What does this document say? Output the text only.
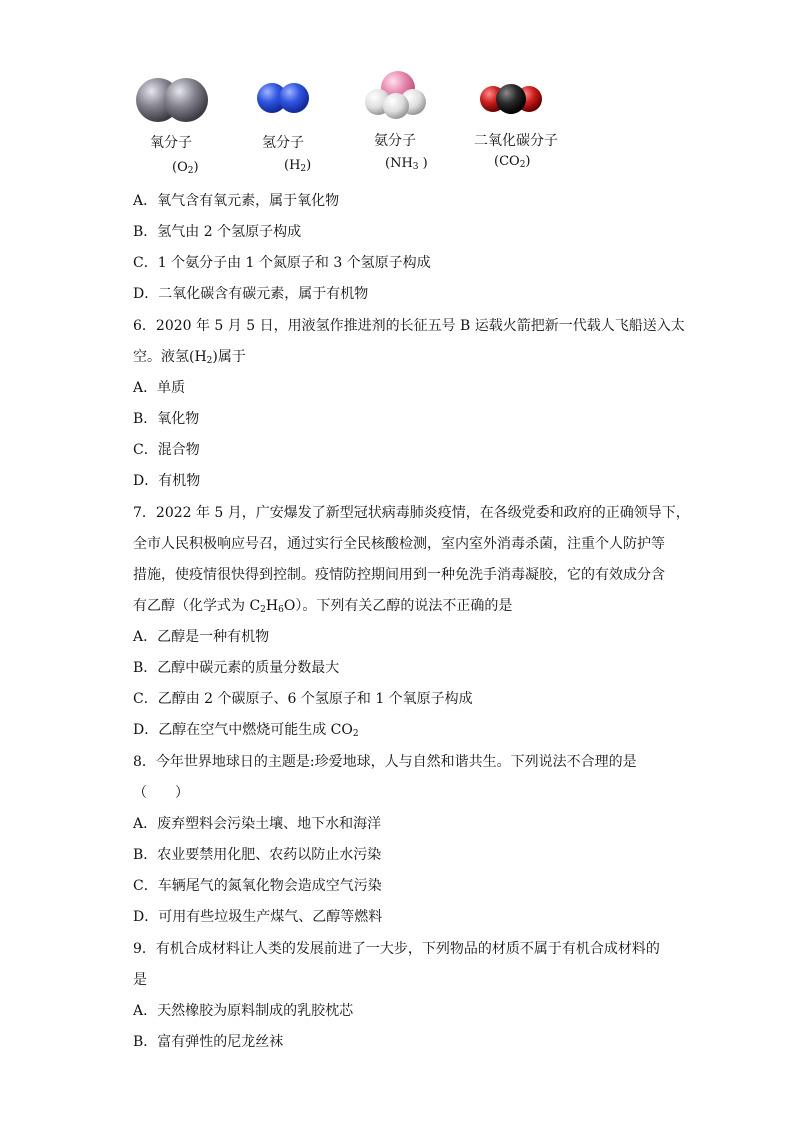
氧分子
$(O_2)$
氢分子
$(H_2)$
氨分子
($NH_3$ )
二氧化碳分子
$(CO_2)$
A．氧气含有氧元素，属于氧化物
B．氢气由 2 个氢原子构成
C．1 个氨分子由 1 个氮原子和 3 个氢原子构成
D．二氧化碳含有碳元素，属于有机物
6．2020 年 5 月 5 日，用液氢作推进剂的长征五号 B 运载火箭把新一代载人飞船送入太
空。液氢$(H_2)$属于
A．单质
B．氧化物
C．混合物
D．有机物
7．2022 年 5 月，广安爆发了新型冠状病毒肺炎疫情，在各级党委和政府的正确领导下，
全市人民积极响应号召，通过实行全民核酸检测，室内室外消毒杀菌，注重个人防护等
措施，使疫情很快得到控制。疫情防控期间用到一种免洗手消毒凝胶，它的有效成分含
有乙醇（化学式为 $C_2H_6O$）。下列有关乙醇的说法不正确的是
A．乙醇是一种有机物
B．乙醇中碳元素的质量分数最大
C．乙醇由 2 个碳原子、6 个氢原子和 1 个氧原子构成
D．乙醇在空气中燃烧可能生成 $CO_2$
8．今年世界地球日的主题是:珍爱地球，人与自然和谐共生。下列说法不合理的是
（　　）
A．废弃塑料会污染土壤、地下水和海洋
B．农业要禁用化肥、农药以防止水污染
C．车辆尾气的氮氧化物会造成空气污染
D．可用有些垃圾生产煤气、乙醇等燃料
9．有机合成材料让人类的发展前进了一大步，下列物品的材质不属于有机合成材料的
是
A．天然橡胶为原料制成的乳胶枕芯
B．富有弹性的尼龙丝袜
